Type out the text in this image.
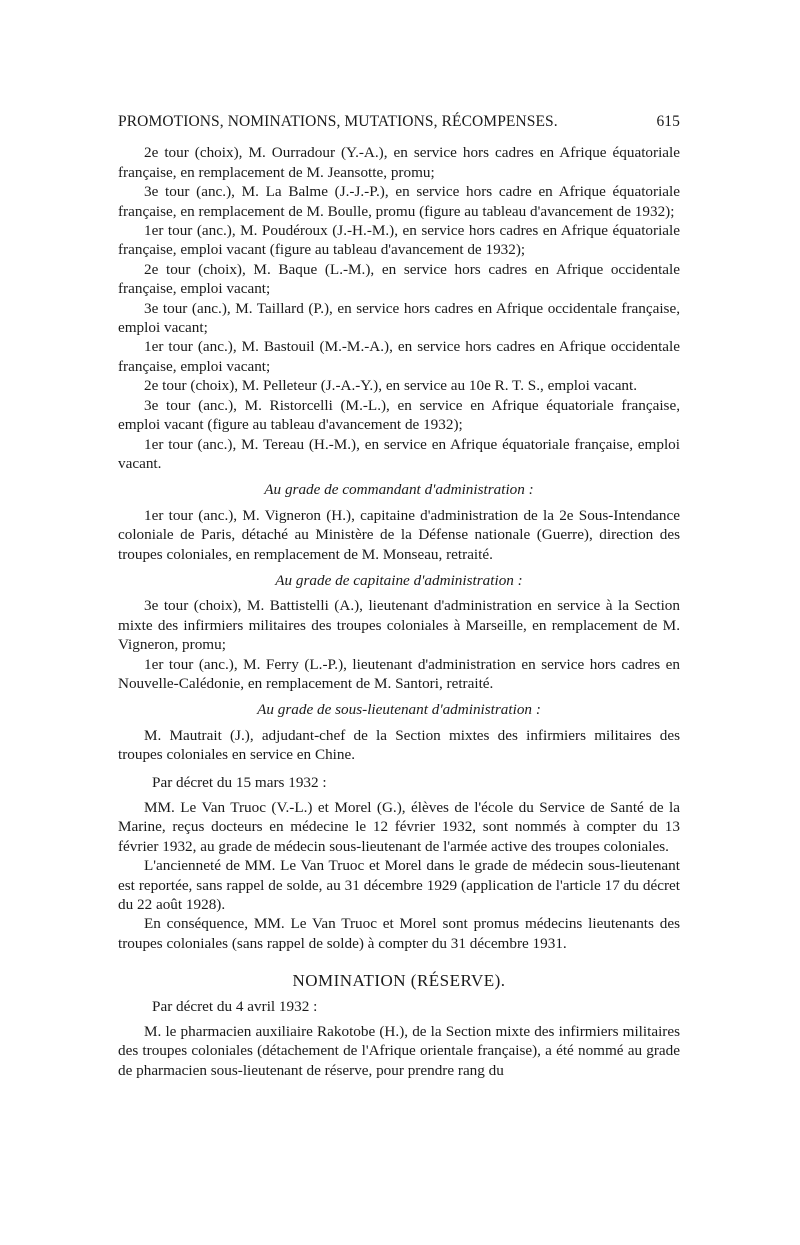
PROMOTIONS, NOMINATIONS, MUTATIONS, RÉCOMPENSES.	615

2e tour (choix), M. Ourradour (Y.-A.), en service hors cadres en Afrique équatoriale française, en remplacement de M. Jeansotte, promu;

3e tour (anc.), M. La Balme (J.-J.-P.), en service hors cadre en Afrique équatoriale française, en remplacement de M. Boulle, promu (figure au tableau d'avancement de 1932);

1er tour (anc.), M. Poudéroux (J.-H.-M.), en service hors cadres en Afrique équatoriale française, emploi vacant (figure au tableau d'avancement de 1932);

2e tour (choix), M. Baque (L.-M.), en service hors cadres en Afrique occidentale française, emploi vacant;

3e tour (anc.), M. Taillard (P.), en service hors cadres en Afrique occidentale française, emploi vacant;

1er tour (anc.), M. Bastouil (M.-M.-A.), en service hors cadres en Afrique occidentale française, emploi vacant;

2e tour (choix), M. Pelleteur (J.-A.-Y.), en service au 10e R. T. S., emploi vacant.

3e tour (anc.), M. Ristorcelli (M.-L.), en service en Afrique équatoriale française, emploi vacant (figure au tableau d'avancement de 1932);

1er tour (anc.), M. Tereau (H.-M.), en service en Afrique équatoriale française, emploi vacant.

Au grade de commandant d'administration :

1er tour (anc.), M. Vigneron (H.), capitaine d'administration de la 2e Sous-Intendance coloniale de Paris, détaché au Ministère de la Défense nationale (Guerre), direction des troupes coloniales, en remplacement de M. Monseau, retraité.

Au grade de capitaine d'administration :

3e tour (choix), M. Battistelli (A.), lieutenant d'administration en service à la Section mixte des infirmiers militaires des troupes coloniales à Marseille, en remplacement de M. Vigneron, promu;

1er tour (anc.), M. Ferry (L.-P.), lieutenant d'administration en service hors cadres en Nouvelle-Calédonie, en remplacement de M. Santori, retraité.

Au grade de sous-lieutenant d'administration :

M. Mautrait (J.), adjudant-chef de la Section mixtes des infirmiers militaires des troupes coloniales en service en Chine.

Par décret du 15 mars 1932 :

MM. Le Van Truoc (V.-L.) et Morel (G.), élèves de l'école du Service de Santé de la Marine, reçus docteurs en médecine le 12 février 1932, sont nommés à compter du 13 février 1932, au grade de médecin sous-lieutenant de l'armée active des troupes coloniales.

L'ancienneté de MM. Le Van Truoc et Morel dans le grade de médecin sous-lieutenant est reportée, sans rappel de solde, au 31 décembre 1929 (application de l'article 17 du décret du 22 août 1928).

En conséquence, MM. Le Van Truoc et Morel sont promus médecins lieutenants des troupes coloniales (sans rappel de solde) à compter du 31 décembre 1931.

NOMINATION (RÉSERVE).

Par décret du 4 avril 1932 :

M. le pharmacien auxiliaire Rakotobe (H.), de la Section mixte des infirmiers militaires des troupes coloniales (détachement de l'Afrique orientale française), a été nommé au grade de pharmacien sous-lieutenant de réserve, pour prendre rang du
